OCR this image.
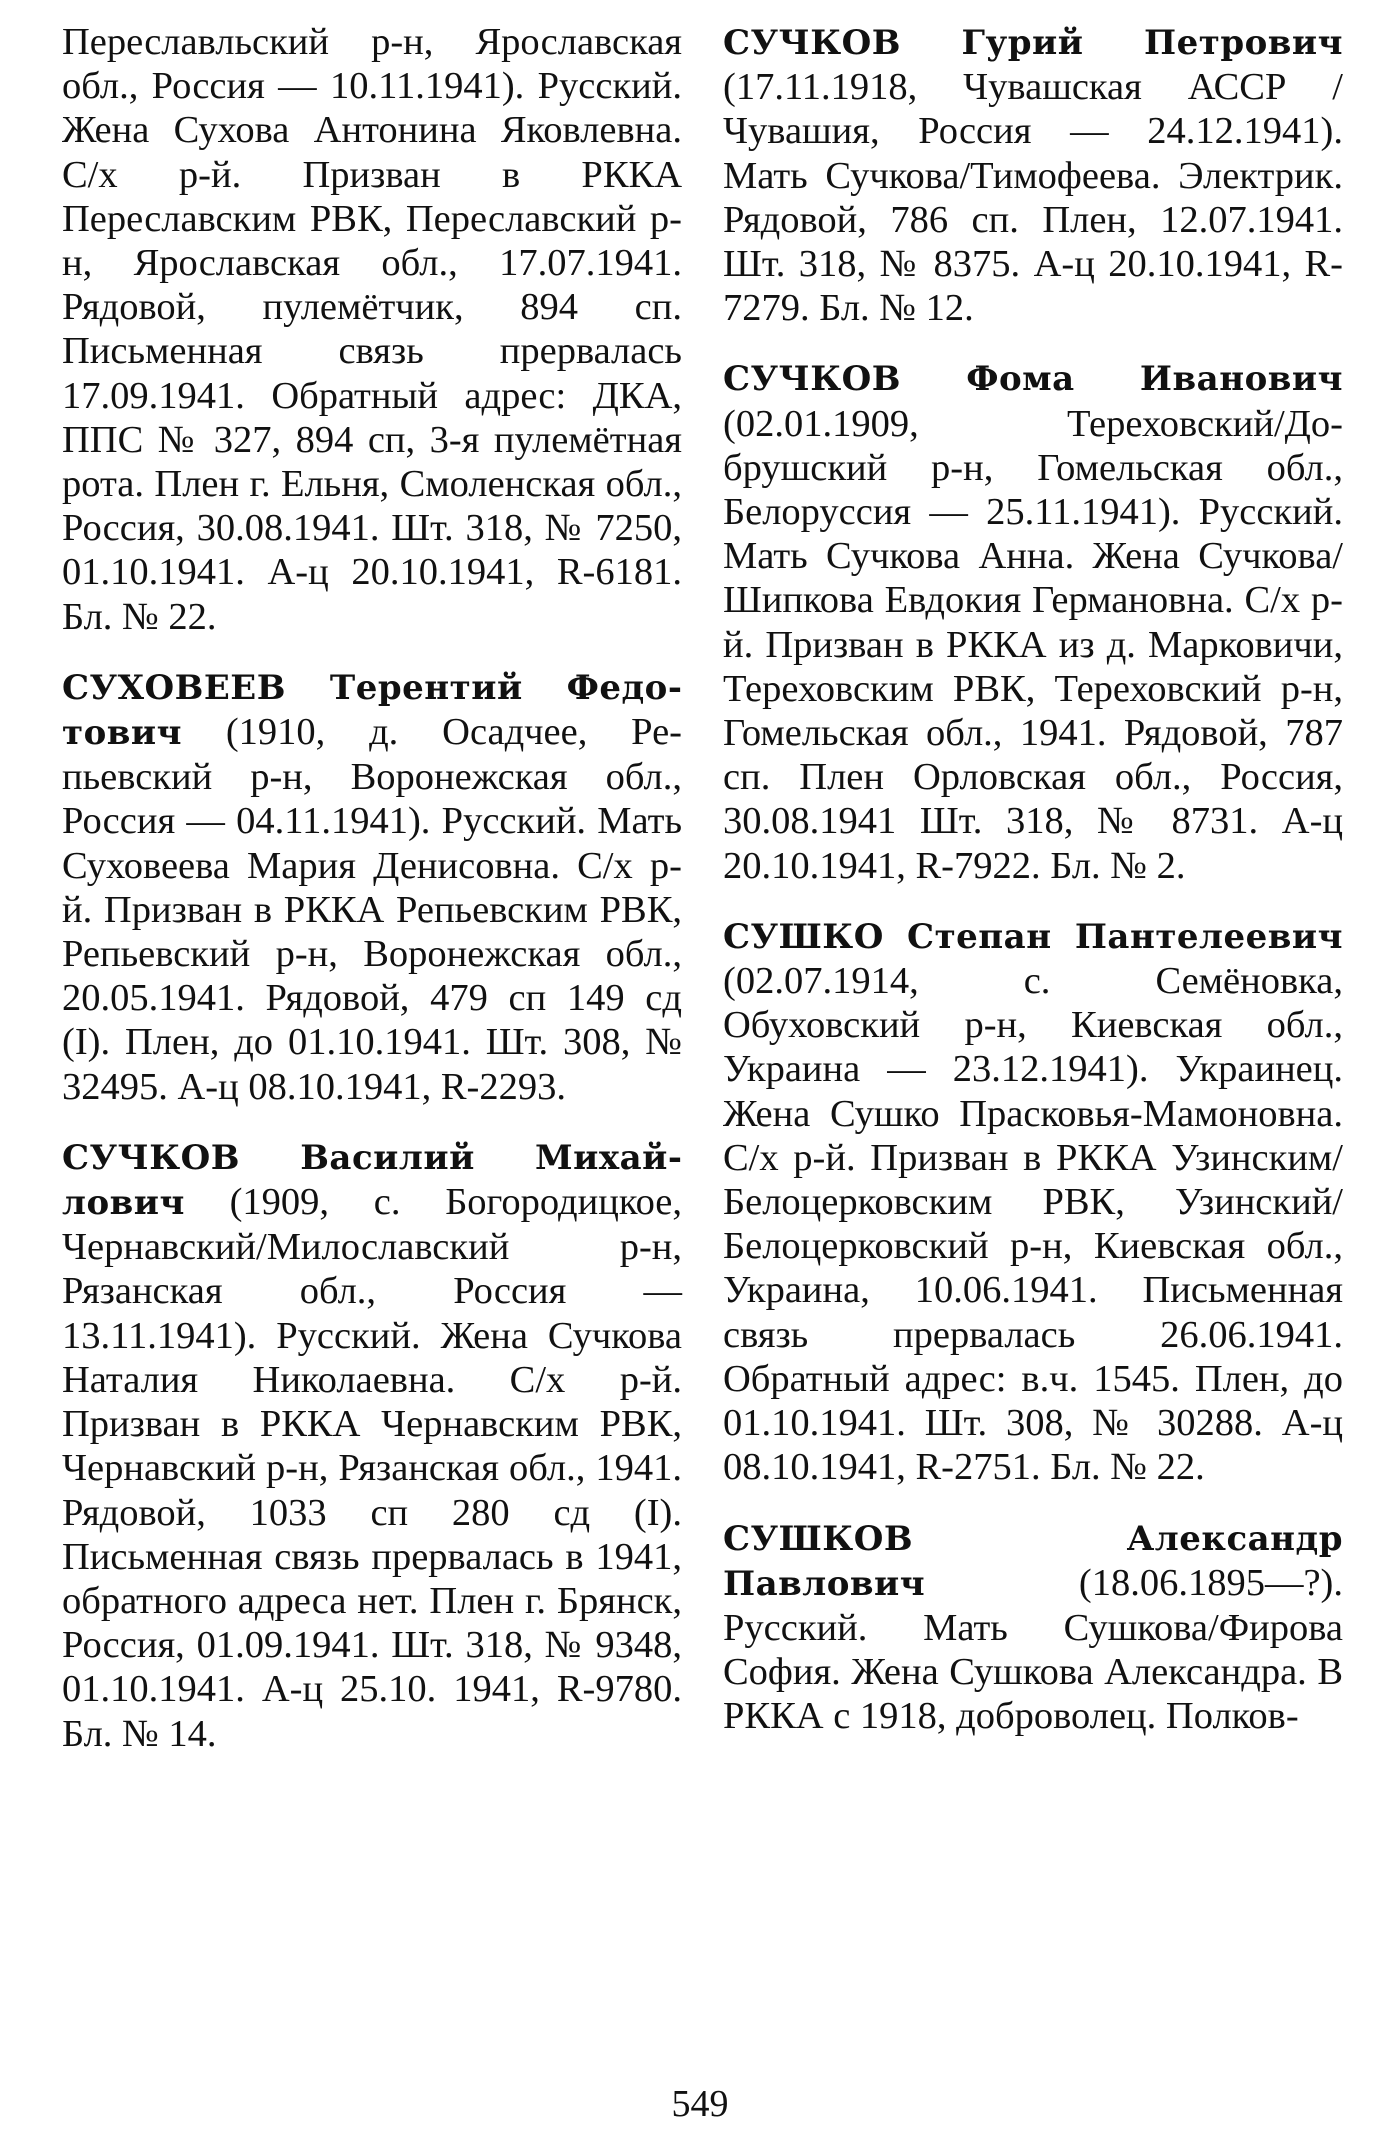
Переславльский р-н, Ярославская обл., Россия — 10.11.1941). Русский. Жена Сухова Антонина Яковлевна. С/х р-й. Призван в РККА Переславским РВК, Переславский р-н, Ярославская обл., 17.07.1941. Рядовой, пулемётчик, 894 сп. Письменная связь прервалась 17.09.1941. Обратный адрес: ДКА, ППС № 327, 894 сп, 3-я пулемётная рота. Плен г. Ельня, Смоленская обл., Россия, 30.08.1941. Шт. 318, № 7250, 01.10.1941. А-ц 20.10.1941, R-6181. Бл. № 22.

СУХОВЕЕВ Терентий Федотович (1910, д. Осадчее, Репьевский р-н, Воронежская обл., Россия — 04.11.1941). Русский. Мать Суховеева Мария Денисовна. С/х р-й. Призван в РККА Репьевским РВК, Репьевский р-н, Воронежская обл., 20.05.1941. Рядовой, 479 сп 149 сд (I). Плен, до 01.10.1941. Шт. 308, № 32495. А-ц 08.10.1941, R-2293.

СУЧКОВ Василий Михайлович (1909, с. Богородицкое, Чернавский/Милославский р-н, Рязанская обл., Россия — 13.11.1941). Русский. Жена Сучкова Наталия Николаевна. С/х р-й. Призван в РККА Чернавским РВК, Чернавский р-н, Рязанская обл., 1941. Рядовой, 1033 сп 280 сд (I). Письменная связь прервалась в 1941, обратного адреса нет. Плен г. Брянск, Россия, 01.09.1941. Шт. 318, № 9348, 01.10.1941. А-ц 25.10. 1941, R-9780. Бл. № 14.

СУЧКОВ Гурий Петрович (17.11.1918, Чувашская АССР / Чувашия, Россия — 24.12.1941). Мать Сучкова/Тимофеева. Электрик. Рядовой, 786 сп. Плен, 12.07.1941. Шт. 318, № 8375. А-ц 20.10.1941, R-7279. Бл. № 12.

СУЧКОВ Фома Иванович (02.01.1909, Тереховский/Добрушский р-н, Гомельская обл., Белоруссия — 25.11.1941). Русский. Мать Сучкова Анна. Жена Сучкова/Шипкова Евдокия Германовна. С/х р-й. Призван в РККА из д. Марковичи, Тереховским РВК, Тереховский р-н, Гомельская обл., 1941. Рядовой, 787 сп. Плен Орловская обл., Россия, 30.08.1941 Шт. 318, № 8731. А-ц 20.10.1941, R-7922. Бл. № 2.

СУШКО Степан Пантелеевич (02.07.1914, с. Семёновка, Обуховский р-н, Киевская обл., Украина — 23.12.1941). Украинец. Жена Сушко Прасковья-Мамоновна. С/х р-й. Призван в РККА Узинским/Белоцерковским РВК, Узинский/Белоцерковский р-н, Киевская обл., Украина, 10.06.1941. Письменная связь прервалась 26.06.1941. Обратный адрес: в.ч. 1545. Плен, до 01.10.1941. Шт. 308, № 30288. А-ц 08.10.1941, R-2751. Бл. № 22.

СУШКОВ Александр Павлович (18.06.1895—?). Русский. Мать Сушкова/Фирова София. Жена Сушкова Александра. В РККА с 1918, доброволец. Полков-

549
